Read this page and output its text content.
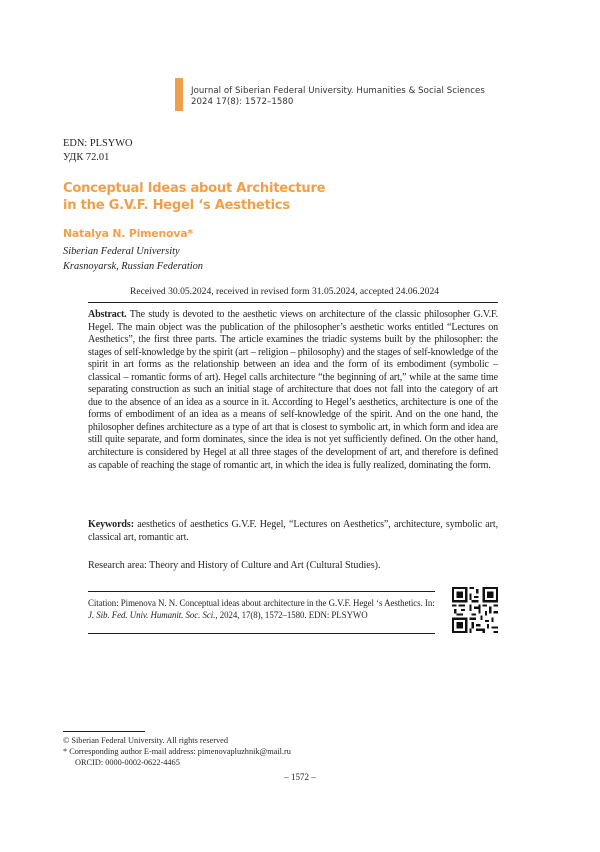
Journal of Siberian Federal University. Humanities & Social Sciences
2024 17(8): 1572–1580
EDN: PLSYWO
УДК 72.01
Conceptual Ideas about Architecture
in the G.V.F. Hegel ‘s Aesthetics
Natalya N. Pimenova*
Siberian Federal University
Krasnoyarsk, Russian Federation
Received 30.05.2024, received in revised form 31.05.2024, accepted 24.06.2024
Abstract. The study is devoted to the aesthetic views on architecture of the classic philosopher G.V.F. Hegel. The main object was the publication of the philosopher’s aesthetic works entitled “Lectures on Aesthetics”, the first three parts. The article examines the triadic systems built by the philosopher: the stages of self-knowledge by the spirit (art – religion – philosophy) and the stages of self-knowledge of the spirit in art forms as the relationship between an idea and the form of its embodiment (symbolic – classical – romantic forms of art). Hegel calls architecture “the beginning of art,” while at the same time separating construction as such an initial stage of architecture that does not fall into the category of art due to the absence of an idea as a source in it. According to Hegel’s aesthetics, architecture is one of the forms of embodiment of an idea as a means of self-knowledge of the spirit. And on the one hand, the philosopher defines architecture as a type of art that is closest to symbolic art, in which form and idea are still quite separate, and form dominates, since the idea is not yet sufficiently defined. On the other hand, architecture is considered by Hegel at all three stages of the development of art, and therefore is defined as capable of reaching the stage of romantic art, in which the idea is fully realized, dominating the form.
Keywords: aesthetics of aesthetics G.V.F. Hegel, “Lectures on Aesthetics”, architecture, symbolic art, classical art, romantic art.
Research area: Theory and History of Culture and Art (Cultural Studies).
Citation: Pimenova N. N. Conceptual ideas about architecture in the G.V.F. Hegel ‘s Aesthetics. In: J. Sib. Fed. Univ. Humanit. Soc. Sci., 2024, 17(8), 1572–1580. EDN: PLSYWO
© Siberian Federal University. All rights reserved
* Corresponding author E-mail address: pimenovapluzhnik@mail.ru
ORCID: 0000-0002-0622-4465
– 1572 –
